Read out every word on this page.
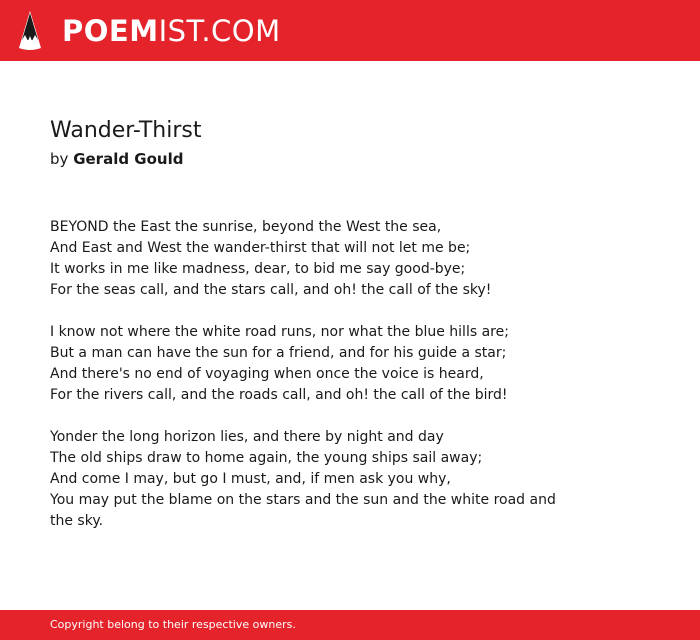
POEMIST.COM
Wander-Thirst
by Gerald Gould
BEYOND the East the sunrise, beyond the West the sea,
And East and West the wander-thirst that will not let me be;
It works in me like madness, dear, to bid me say good-bye;
For the seas call, and the stars call, and oh! the call of the sky!
I know not where the white road runs, nor what the blue hills are;
But a man can have the sun for a friend, and for his guide a star;
And there's no end of voyaging when once the voice is heard,
For the rivers call, and the roads call, and oh! the call of the bird!
Yonder the long horizon lies, and there by night and day
The old ships draw to home again, the young ships sail away;
And come I may, but go I must, and, if men ask you why,
You may put the blame on the stars and the sun and the white road and the sky.
Copyright belong to their respective owners.
